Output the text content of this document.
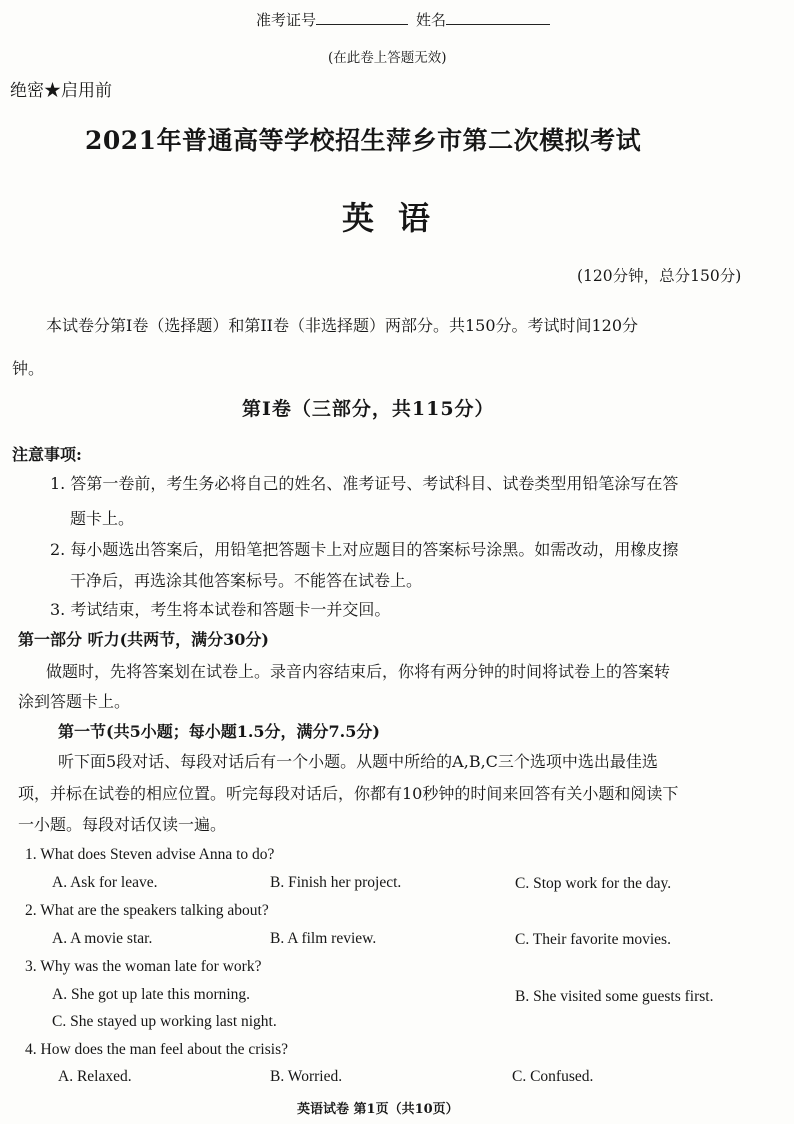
准考证号	姓名
(在此卷上答题无效)
绝密★启用前
2021年普通高等学校招生萍乡市第二次模拟考试
英语
(120分钟，总分150分)
本试卷分第I卷（选择题）和第II卷（非选择题）两部分。共150分。考试时间120分
钟。
第I卷（三部分，共115分）
注意事项:
1. 答第一卷前，考生务必将自己的姓名、准考证号、考试科目、试卷类型用铅笔涂写在答
题卡上。
2. 每小题选出答案后，用铅笔把答题卡上对应题目的答案标号涂黑。如需改动，用橡皮擦
干净后，再选涂其他答案标号。不能答在试卷上。
3. 考试结束，考生将本试卷和答题卡一并交回。
第一部分 听力(共两节，满分30分)
做题时，先将答案划在试卷上。录音内容结束后，你将有两分钟的时间将试卷上的答案转
涂到答题卡上。
第一节(共5小题；每小题1.5分，满分7.5分)
听下面5段对话、每段对话后有一个小题。从题中所给的A,B,C三个选项中选出最佳选
项，并标在试卷的相应位置。听完每段对话后，你都有10秒钟的时间来回答有关小题和阅读下
一小题。每段对话仅读一遍。
1. What does Steven advise Anna to do?
A. Ask for leave.	B. Finish her project.	C. Stop work for the day.
2. What are the speakers talking about?
A. A movie star.	B. A film review.	C. Their favorite movies.
3. Why was the woman late for work?
A. She got up late this morning.	B. She visited some guests first.
C. She stayed up working last night.
4. How does the man feel about the crisis?
A. Relaxed.	B. Worried.	C. Confused.
英语试卷 第1页（共10页）
